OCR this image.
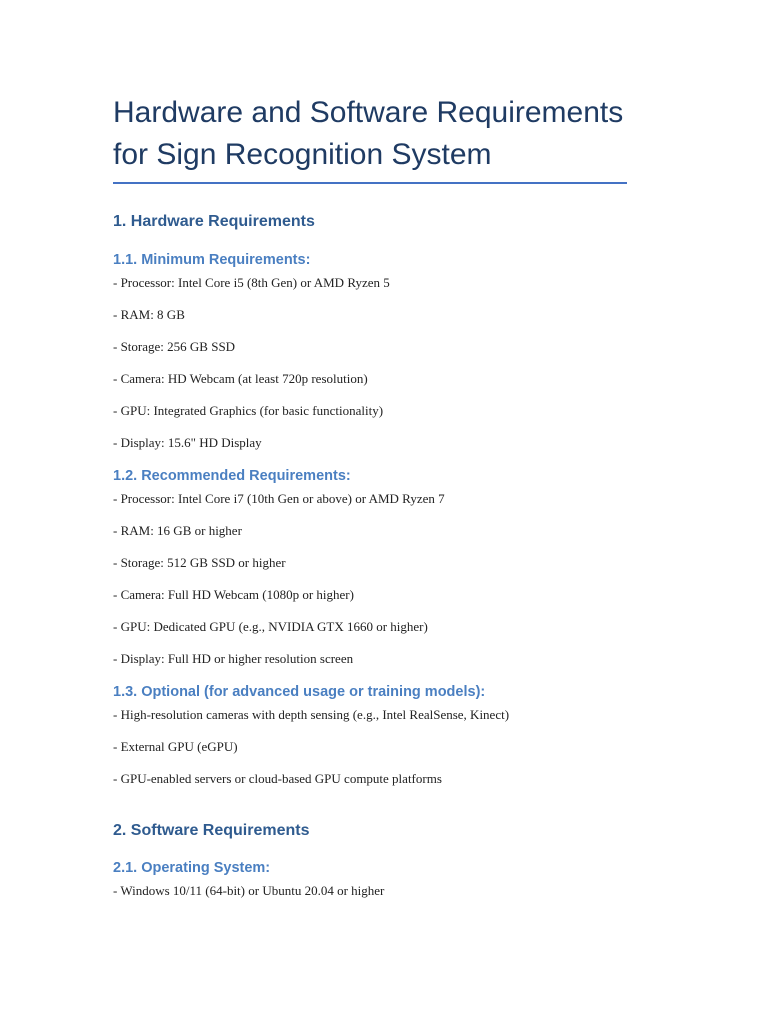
Hardware and Software Requirements
for Sign Recognition System
1. Hardware Requirements
1.1. Minimum Requirements:
- Processor: Intel Core i5 (8th Gen) or AMD Ryzen 5
- RAM: 8 GB
- Storage: 256 GB SSD
- Camera: HD Webcam (at least 720p resolution)
- GPU: Integrated Graphics (for basic functionality)
- Display: 15.6" HD Display
1.2. Recommended Requirements:
- Processor: Intel Core i7 (10th Gen or above) or AMD Ryzen 7
- RAM: 16 GB or higher
- Storage: 512 GB SSD or higher
- Camera: Full HD Webcam (1080p or higher)
- GPU: Dedicated GPU (e.g., NVIDIA GTX 1660 or higher)
- Display: Full HD or higher resolution screen
1.3. Optional (for advanced usage or training models):
- High-resolution cameras with depth sensing (e.g., Intel RealSense, Kinect)
- External GPU (eGPU)
- GPU-enabled servers or cloud-based GPU compute platforms
2. Software Requirements
2.1. Operating System:
- Windows 10/11 (64-bit) or Ubuntu 20.04 or higher
